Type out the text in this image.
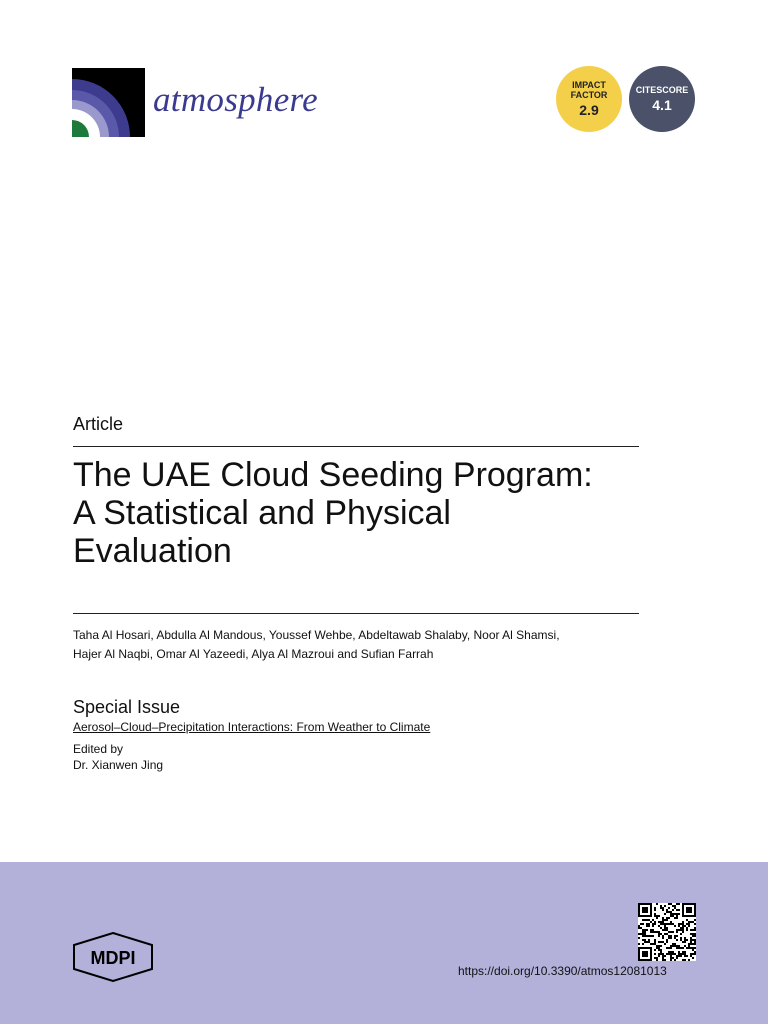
atmosphere	IMPACT
FACTOR
2.9
CITESCORE
4.1
Article
The UAE Cloud Seeding Program:
A Statistical and Physical
Evaluation
Taha Al Hosari, Abdulla Al Mandous, Youssef Wehbe, Abdeltawab Shalaby, Noor Al Shamsi,
Hajer Al Naqbi, Omar Al Yazeedi, Alya Al Mazroui and Sufian Farrah
Special Issue
Aerosol–Cloud–Precipitation Interactions: From Weather to Climate
Edited by
Dr. Xianwen Jing
MDPI
https://doi.org/10.3390/atmos12081013
